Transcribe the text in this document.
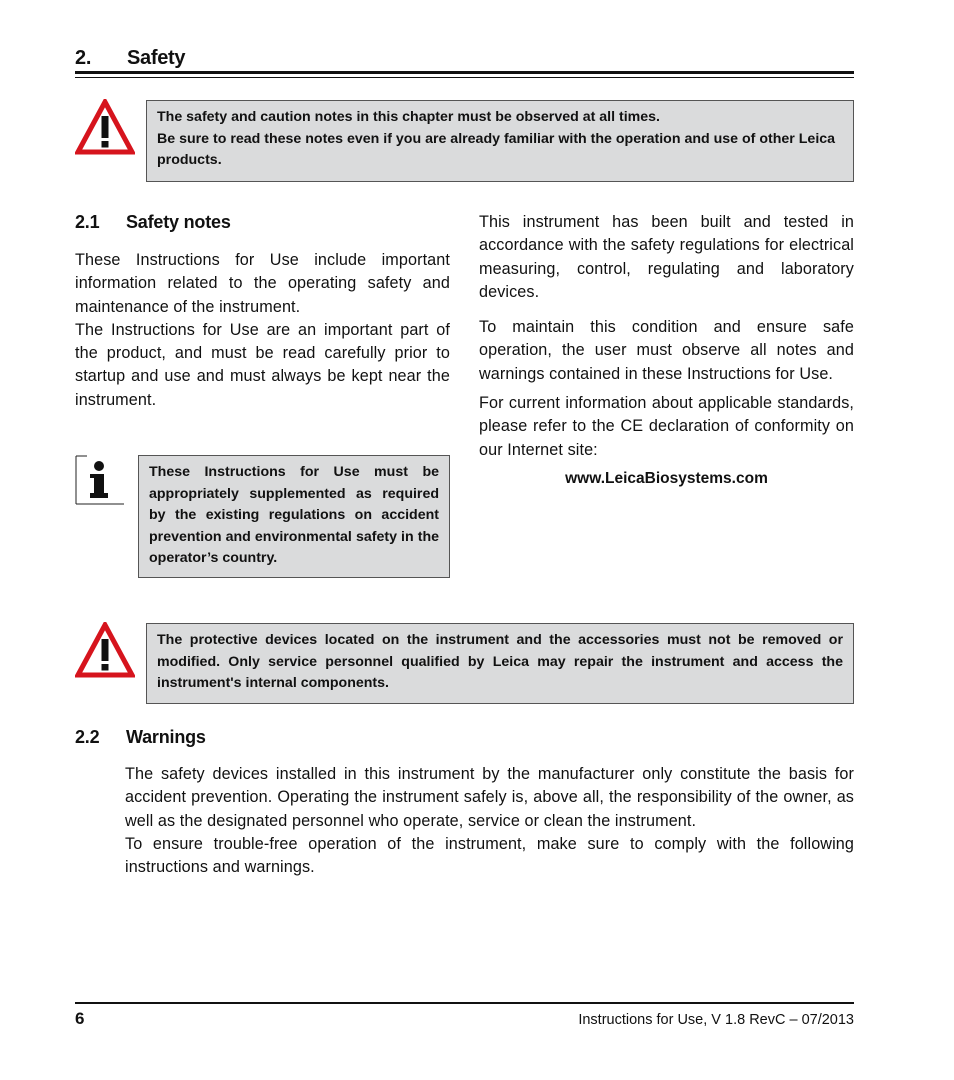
2. Safety
The safety and caution notes in this chapter must be observed at all times.
Be sure to read these notes even if you are already familiar with the operation and use of other Leica products.
2.1 Safety notes

These Instructions for Use include important information related to the operating safety and maintenance of the instrument.

The Instructions for Use are an important part of the product, and must be read carefully prior to startup and use and must always be kept near the instrument.

These Instructions for Use must be appropriately supplemented as required by the existing regulations on accident prevention and environmental safety in the operator’s country.

This instrument has been built and tested in accordance with the safety regulations for electrical measuring, control, regulating and laboratory devices.

To maintain this condition and ensure safe operation, the user must observe all notes and warnings contained in these Instructions for Use.

For current information about applicable standards, please refer to the CE declaration of conformity on our Internet site:

www.LeicaBiosystems.com
The protective devices located on the instrument and the accessories must not be removed or modified. Only service personnel qualified by Leica may repair the instrument and access the instrument's internal components.
2.2 Warnings

The safety devices installed in this instrument by the manufacturer only constitute the basis for accident prevention. Operating the instrument safely is, above all, the responsibility of the owner, as well as the designated personnel who operate, service or clean the instrument.

To ensure trouble-free operation of the instrument, make sure to comply with the following instructions and warnings.

6	Instructions for Use, V 1.8 RevC – 07/2013
